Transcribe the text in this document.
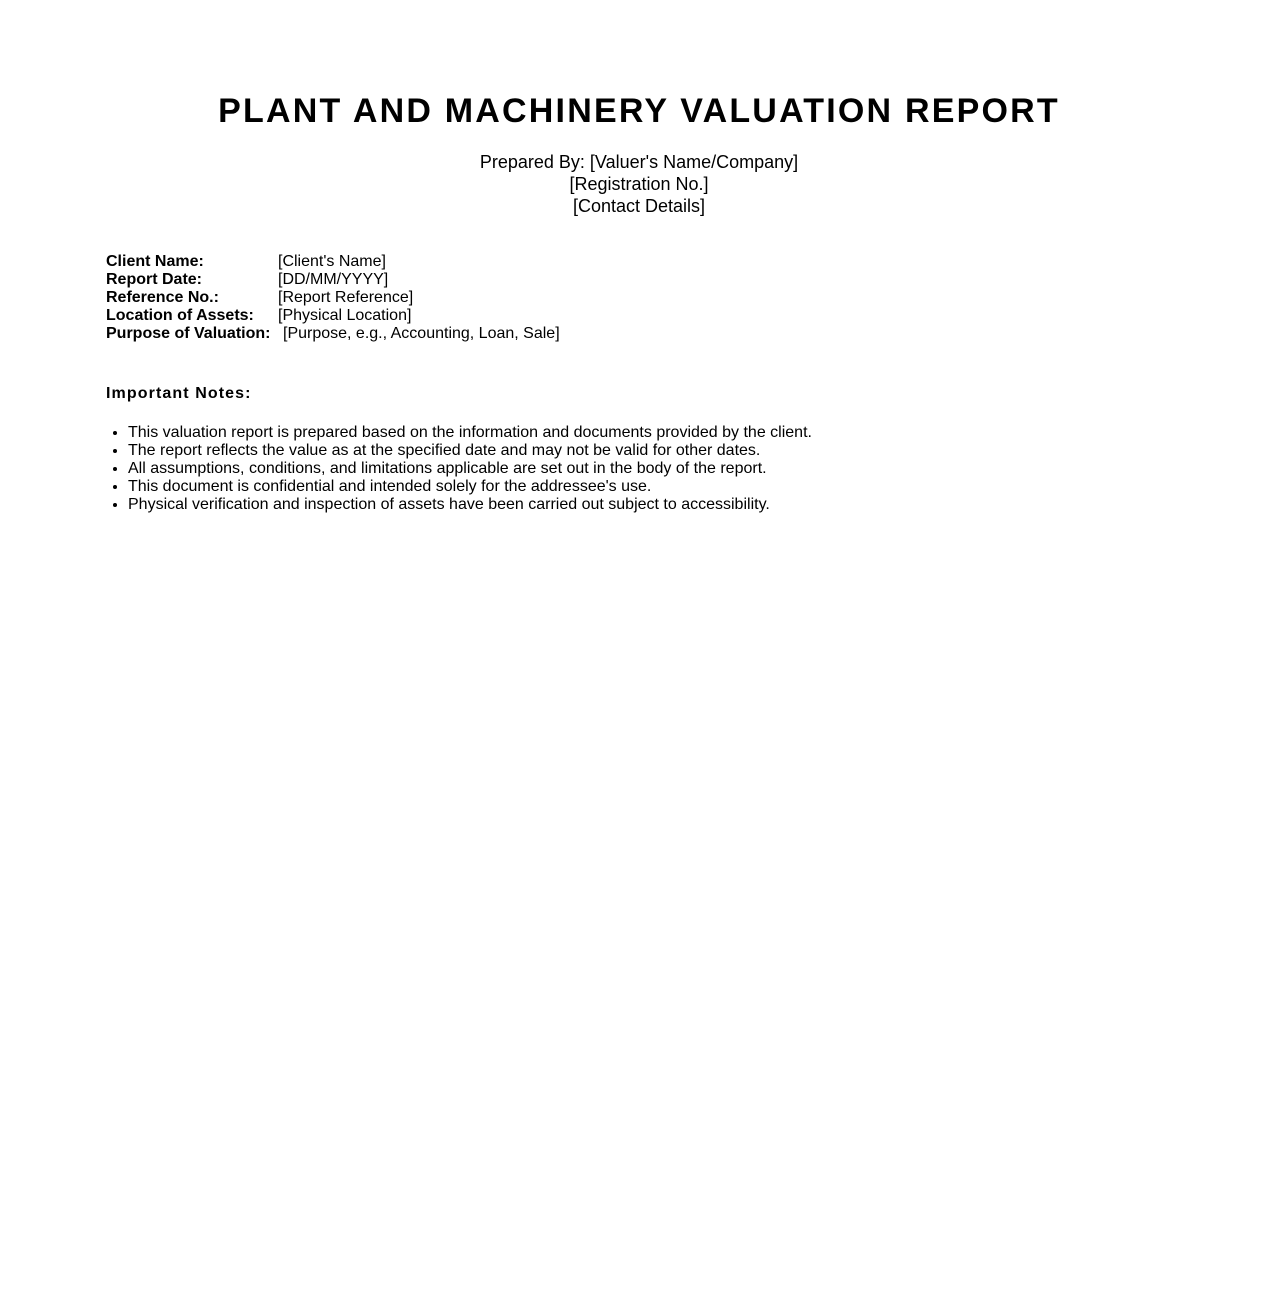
PLANT AND MACHINERY VALUATION REPORT
Prepared By: [Valuer's Name/Company]
[Registration No.]
[Contact Details]
Client Name:	[Client's Name]
Report Date:	[DD/MM/YYYY]
Reference No.:	[Report Reference]
Location of Assets:	[Physical Location]
Purpose of Valuation: [Purpose, e.g., Accounting, Loan, Sale]
Important Notes:
• This valuation report is prepared based on the information and documents provided by the client.
• The report reflects the value as at the specified date and may not be valid for other dates.
• All assumptions, conditions, and limitations applicable are set out in the body of the report.
• This document is confidential and intended solely for the addressee's use.
• Physical verification and inspection of assets have been carried out subject to accessibility.
